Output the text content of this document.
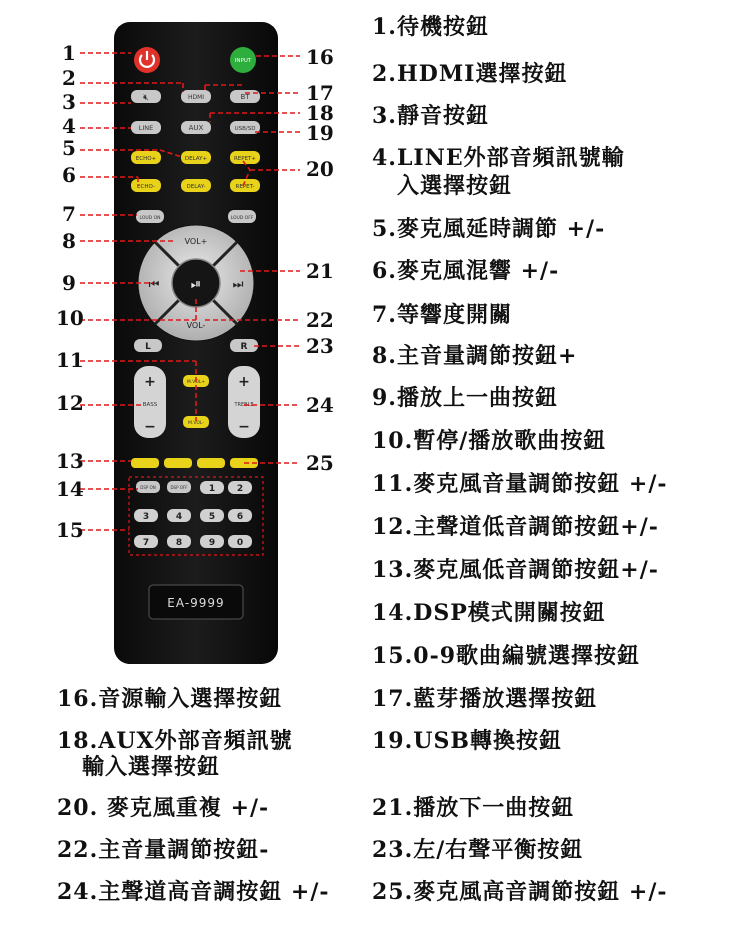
INPUT
🔇︎	HDMI	BT
LINE	AUX	USB/SD
ECHO+	DELAY+	REPET+
ECHO-	DELAY-	REPET-
LOUD ON	LOUD OFF
⏯︎
VOL+
VOL-
⏮︎	⏭︎
L	R
+
BASS
−
+
TREBLE
−
M.VOL+
M.VOL-
DSP ON	DSP OFF 1 2
3	4	5 6
7	8	9 0
EA-9999
1
2
3
4
5
6
7
8
9
10
11
12
13
14
15
16
17
18
19
20
21
22
23
24
25
1.待機按鈕
2.HDMI選擇按鈕
3.靜音按鈕
4.LINE外部音頻訊號輸
入選擇按鈕
5.麥克風延時調節 +/-
6.麥克風混響 +/-
7.等響度開關
8.主音量調節按鈕+
9.播放上一曲按鈕
10.暫停/播放歌曲按鈕
11.麥克風音量調節按鈕 +/-
12.主聲道低音調節按鈕+/-
13.麥克風低音調節按鈕+/-
14.DSP模式開關按鈕
15.0-9歌曲編號選擇按鈕
16.音源輸入選擇按鈕	17.藍芽播放選擇按鈕
18.AUX外部音頻訊號
輸入選擇按鈕
19.USB轉換按鈕
20. 麥克風重複 +/-	21.播放下一曲按鈕
22.主音量調節按鈕-	23.左/右聲平衡按鈕
24.主聲道高音調按鈕 +/- 25.麥克風高音調節按鈕 +/-
